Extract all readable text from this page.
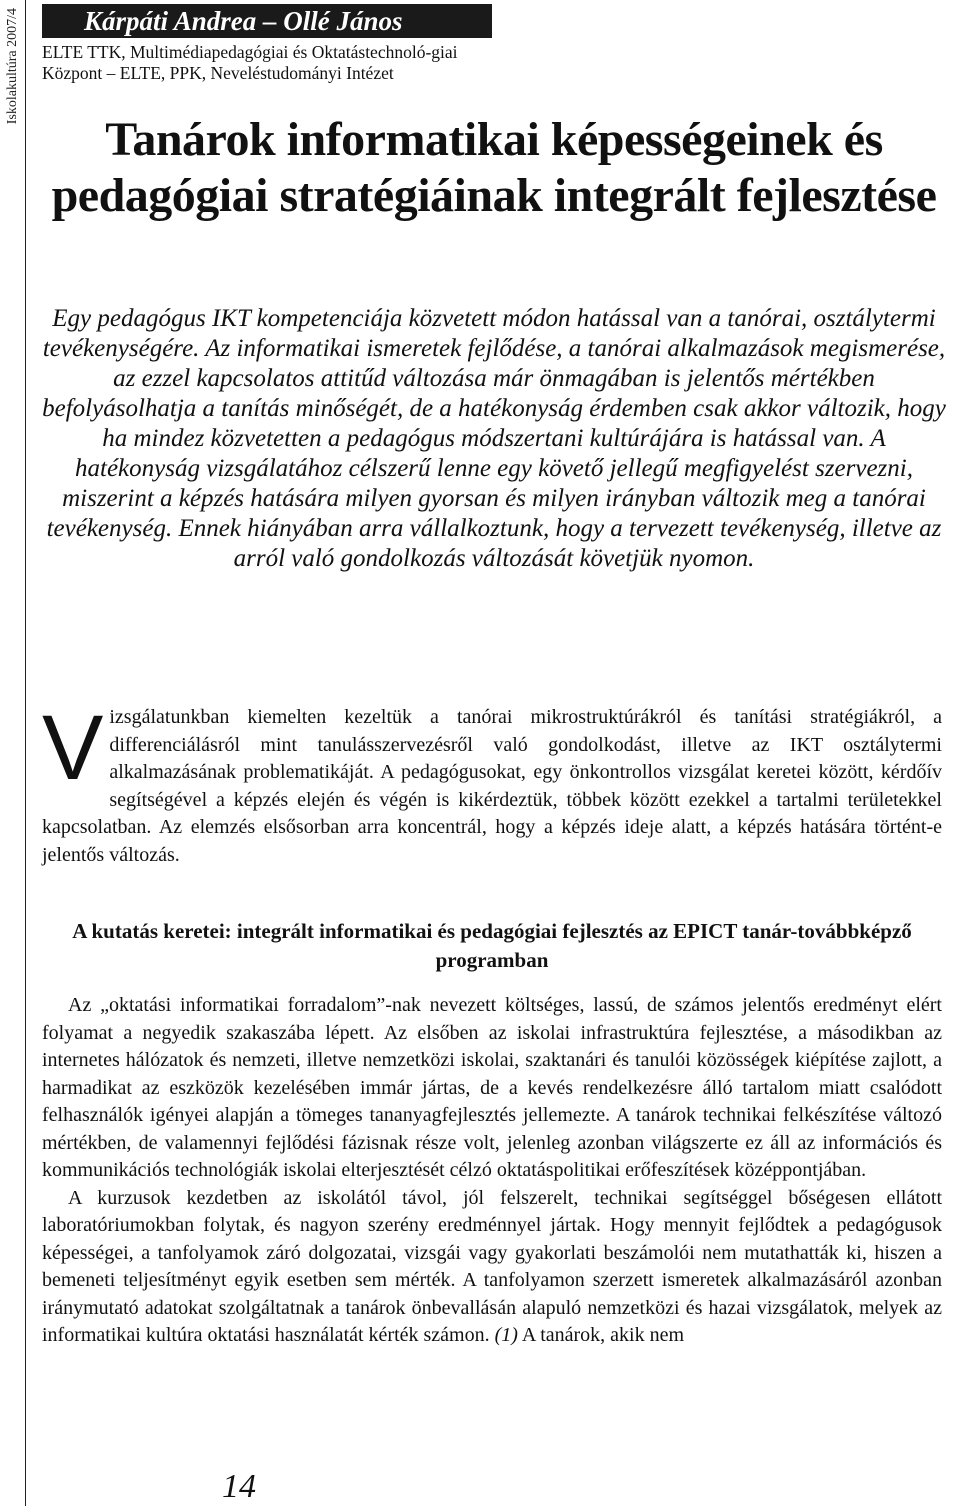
Iskolakultúra 2007/4	Kárpáti Andrea – Ollé János
ELTE TTK, Multimédiapedagógiai és Oktatástechnoló-giai Központ – ELTE, PPK, Neveléstudományi Intézet
Tanárok informatikai képességeinek és pedagógiai stratégiáinak integrált fejlesztése

Egy pedagógus IKT kompetenciája közvetett módon hatással van a tanórai, osztálytermi tevékenységére. Az informatikai ismeretek fejlődése, a tanórai alkalmazások megismerése, az ezzel kapcsolatos attitűd változása már önmagában is jelentős mértékben befolyásolhatja a tanítás minőségét, de a hatékonyság érdemben csak akkor változik, hogy ha mindez közvetetten a pedagógus módszertani kultúrájára is hatással van. A hatékonyság vizsgálatához célszerű lenne egy követő jellegű megfigyelést szervezni, miszerint a képzés hatására milyen gyorsan és milyen irányban változik meg a tanórai tevékenység. Ennek hiányában arra vállalkoztunk, hogy a tervezett tevékenység, illetve az arról való gondolkozás változását követjük nyomon.

V izsgálatunkban kiemelten kezeltük a tanórai mikrostruktúrákról és tanítási stratégiákról, a differenciálásról mint tanulásszervezésről való gondolkodást, illetve az IKT osztálytermi alkalmazásának problematikáját. A pedagógusokat, egy önkontrollos vizsgálat keretei között, kérdőív segítségével a képzés elején és végén is kikérdeztük, többek között ezekkel a tartalmi területekkel kapcsolatban. Az elemzés elsősorban arra koncentrál, hogy a képzés ideje alatt, a képzés hatására történt-e jelentős változás.

A kutatás keretei: integrált informatikai és pedagógiai fejlesztés az EPICT tanár-továbbképző programban

Az „oktatási informatikai forradalom”-nak nevezett költséges, lassú, de számos jelentős eredményt elért folyamat a negyedik szakaszába lépett. Az elsőben az iskolai infrastruktúra fejlesztése, a másodikban az internetes hálózatok és nemzeti, illetve nemzetközi iskolai, szaktanári és tanulói közösségek kiépítése zajlott, a harmadikat az eszközök kezelésében immár jártas, de a kevés rendelkezésre álló tartalom miatt csalódott felhasználók igényei alapján a tömeges tananyagfejlesztés jellemezte. A tanárok technikai felkészítése változó mértékben, de valamennyi fejlődési fázisnak része volt, jelenleg azonban világszerte ez áll az információs és kommunikációs technológiák iskolai elterjesztését célzó oktatáspolitikai erőfeszítések középpontjában.

A kurzusok kezdetben az iskolától távol, jól felszerelt, technikai segítséggel bőségesen ellátott laboratóriumokban folytak, és nagyon szerény eredménnyel jártak. Hogy mennyit fejlődtek a pedagógusok képességei, a tanfolyamok záró dolgozatai, vizsgái vagy gyakorlati beszámolói nem mutathatták ki, hiszen a bemeneti teljesítményt egyik esetben sem mérték. A tanfolyamon szerzett ismeretek alkalmazásáról azonban iránymutató adatokat szolgáltatnak a tanárok önbevallásán alapuló nemzetközi és hazai vizsgálatok, melyek az informatikai kultúra oktatási használatát kérték számon. (1) A tanárok, akik nem

14
